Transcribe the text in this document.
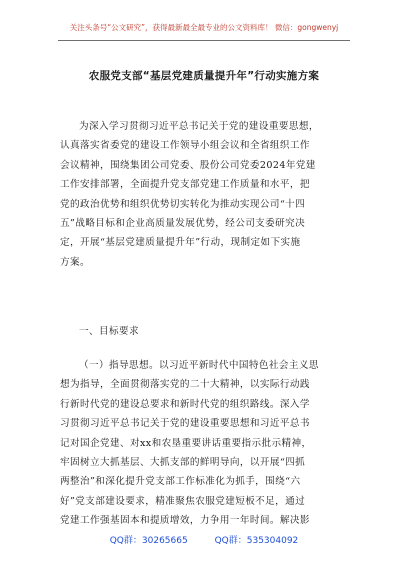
关注头条号“公文研究”，获得最新最全最专业的公文资料库！ 微信：gongwenyj
农服党支部“基层党建质量提升年”行动实施方案
为深入学习贯彻习近平总书记关于党的建设重要思想，
认真落实省委党的建设工作领导小组会议和全省组织工作
会议精神，围绕集团公司党委、股份公司党委2024年党建
工作安排部署，全面提升党支部党建工作质量和水平，把
党的政治优势和组织优势切实转化为推动实现公司“十四
五”战略目标和企业高质量发展优势，经公司支委研究决
定，开展“基层党建质量提升年”行动，现制定如下实施
方案。
一、目标要求
（一）指导思想。以习近平新时代中国特色社会主义思
想为指导，全面贯彻落实党的二十大精神，以实际行动践
行新时代党的建设总要求和新时代党的组织路线。深入学
习贯彻习近平总书记关于党的建设重要思想和习近平总书
记对国企党建、对xx和农垦重要讲话重要指示批示精神，
牢固树立大抓基层、大抓支部的鲜明导向，以开展“四抓
两整治”和深化提升党支部工作标准化为抓手，围绕“六
好”党支部建设要求，精准聚焦农服党建短板不足，通过
党建工作强基固本和提质增效，力争用一年时间。解决影
QQ群：30265665	QQ群：535304092
